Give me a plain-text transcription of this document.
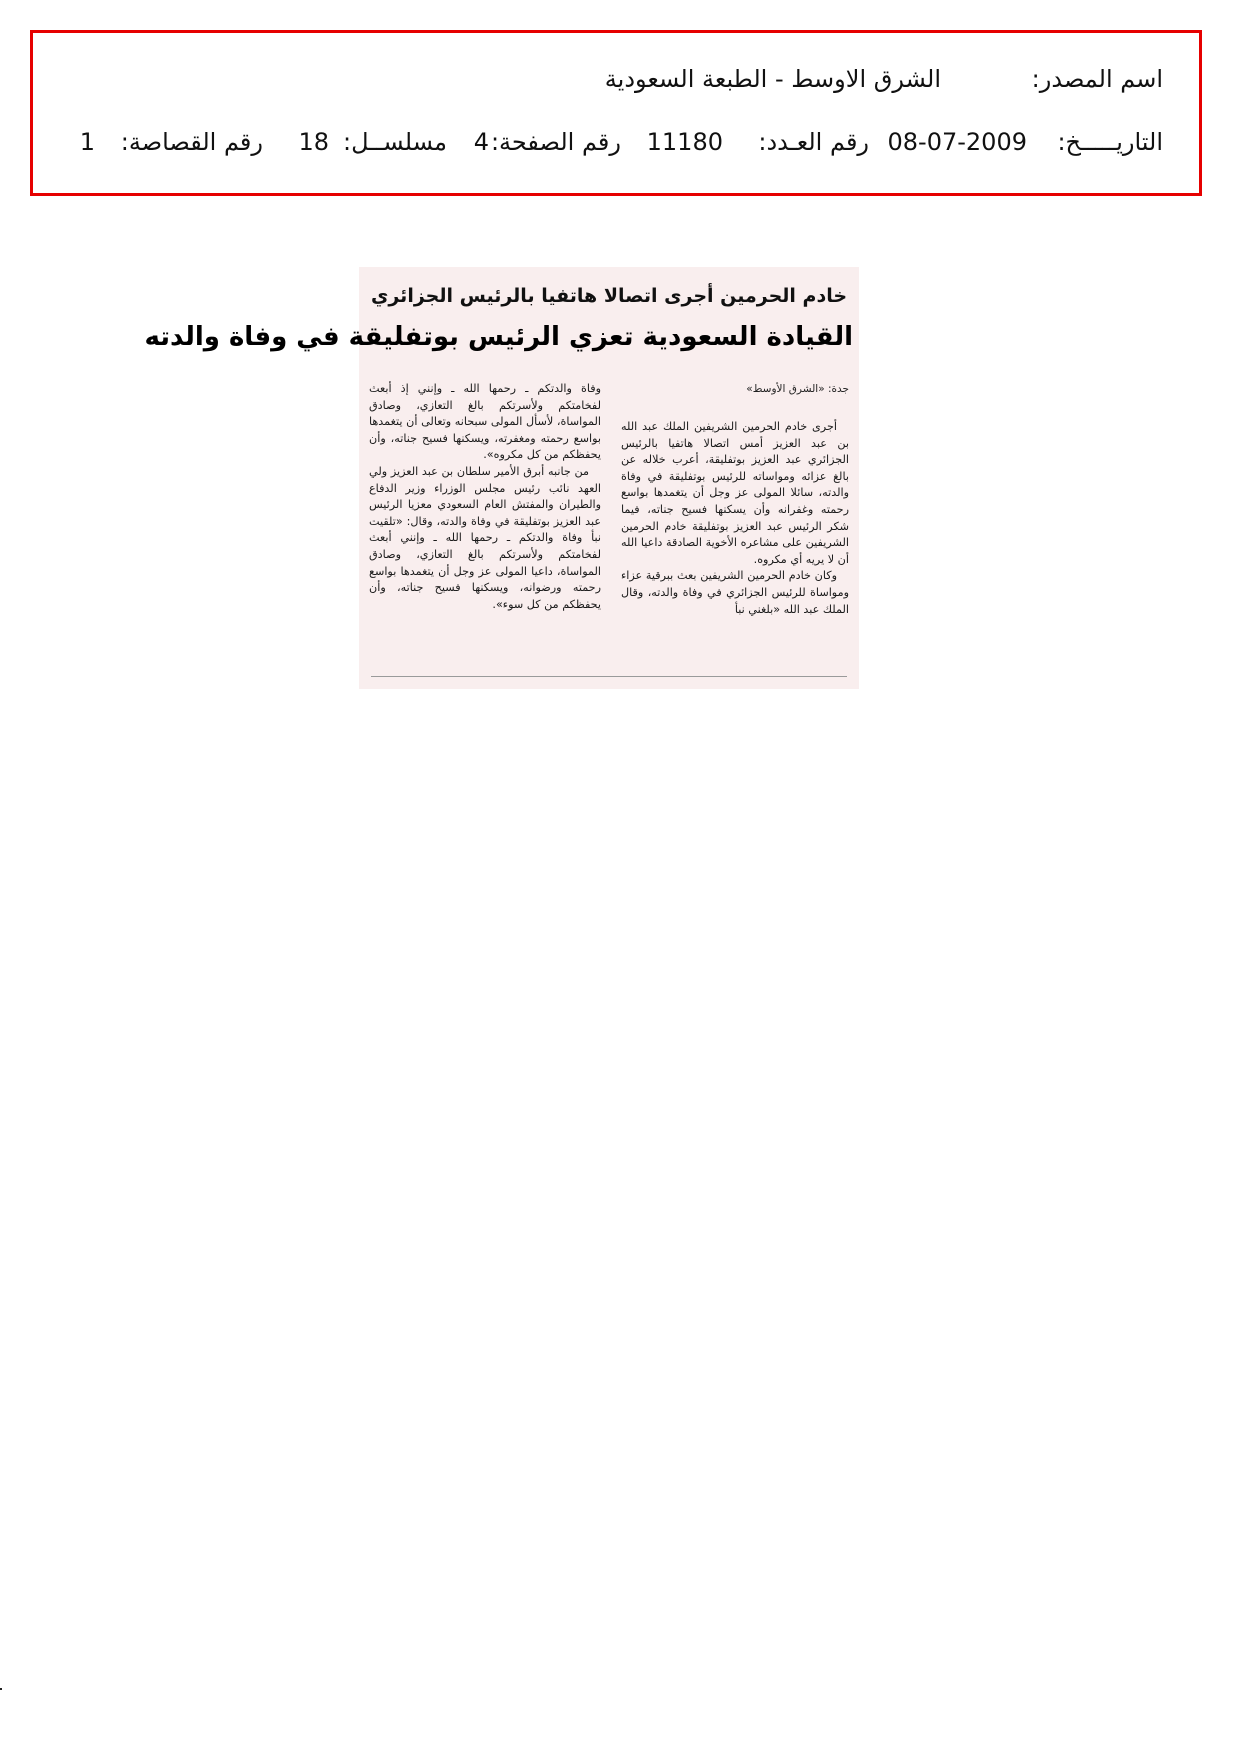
اسم المصدر:
الشرق الاوسط - الطبعة السعودية
التاريـــــخ:
08-07-2009
رقم العـدد:
11180
رقم الصفحة:
4
مسلســل:
18
رقم القصاصة:
1
خادم الحرمين أجرى اتصالا هاتفيا بالرئيس الجزائري
القيادة السعودية تعزي الرئيس بوتفليقة في وفاة والدته
جدة: «الشرق الأوسط»

أجرى خادم الحرمين الشريفين الملك عبد الله بن عبد العزيز أمس اتصالا هاتفيا بالرئيس الجزائري عبد العزيز بوتفليقة، أعرب خلاله عن بالغ عزائه ومواساته للرئيس بوتفليقة في وفاة والدته، سائلا المولى عز وجل أن يتغمدها بواسع رحمته وغفرانه وأن يسكنها فسيح جناته، فيما شكر الرئيس عبد العزيز بوتفليقة خادم الحرمين الشريفين على مشاعره الأخوية الصادقة داعيا الله أن لا يريه أي مكروه.

وكان خادم الحرمين الشريفين بعث ببرقية عزاء ومواساة للرئيس الجزائري في وفاة والدته، وقال الملك عبد الله «بلغني نبأ

وفاة والدتكم ـ رحمها الله ـ وإنني إذ أبعث لفخامتكم ولأسرتكم بالغ التعازي، وصادق المواساة، لأسأل المولى سبحانه وتعالى أن يتغمدها بواسع رحمته ومغفرته، ويسكنها فسيح جناته، وأن يحفظكم من كل مكروه».

من جانبه أبرق الأمير سلطان بن عبد العزيز ولي العهد نائب رئيس مجلس الوزراء وزير الدفاع والطيران والمفتش العام السعودي معزيا الرئيس عبد العزيز بوتفليقة في وفاة والدته، وقال: «تلقيت نبأ وفاة والدتكم ـ رحمها الله ـ وإنني أبعث لفخامتكم ولأسرتكم بالغ التعازي، وصادق المواساة، داعيا المولى عز وجل أن يتغمدها بواسع رحمته ورضوانه، ويسكنها فسيح جناته، وأن يحفظكم من كل سوء».
